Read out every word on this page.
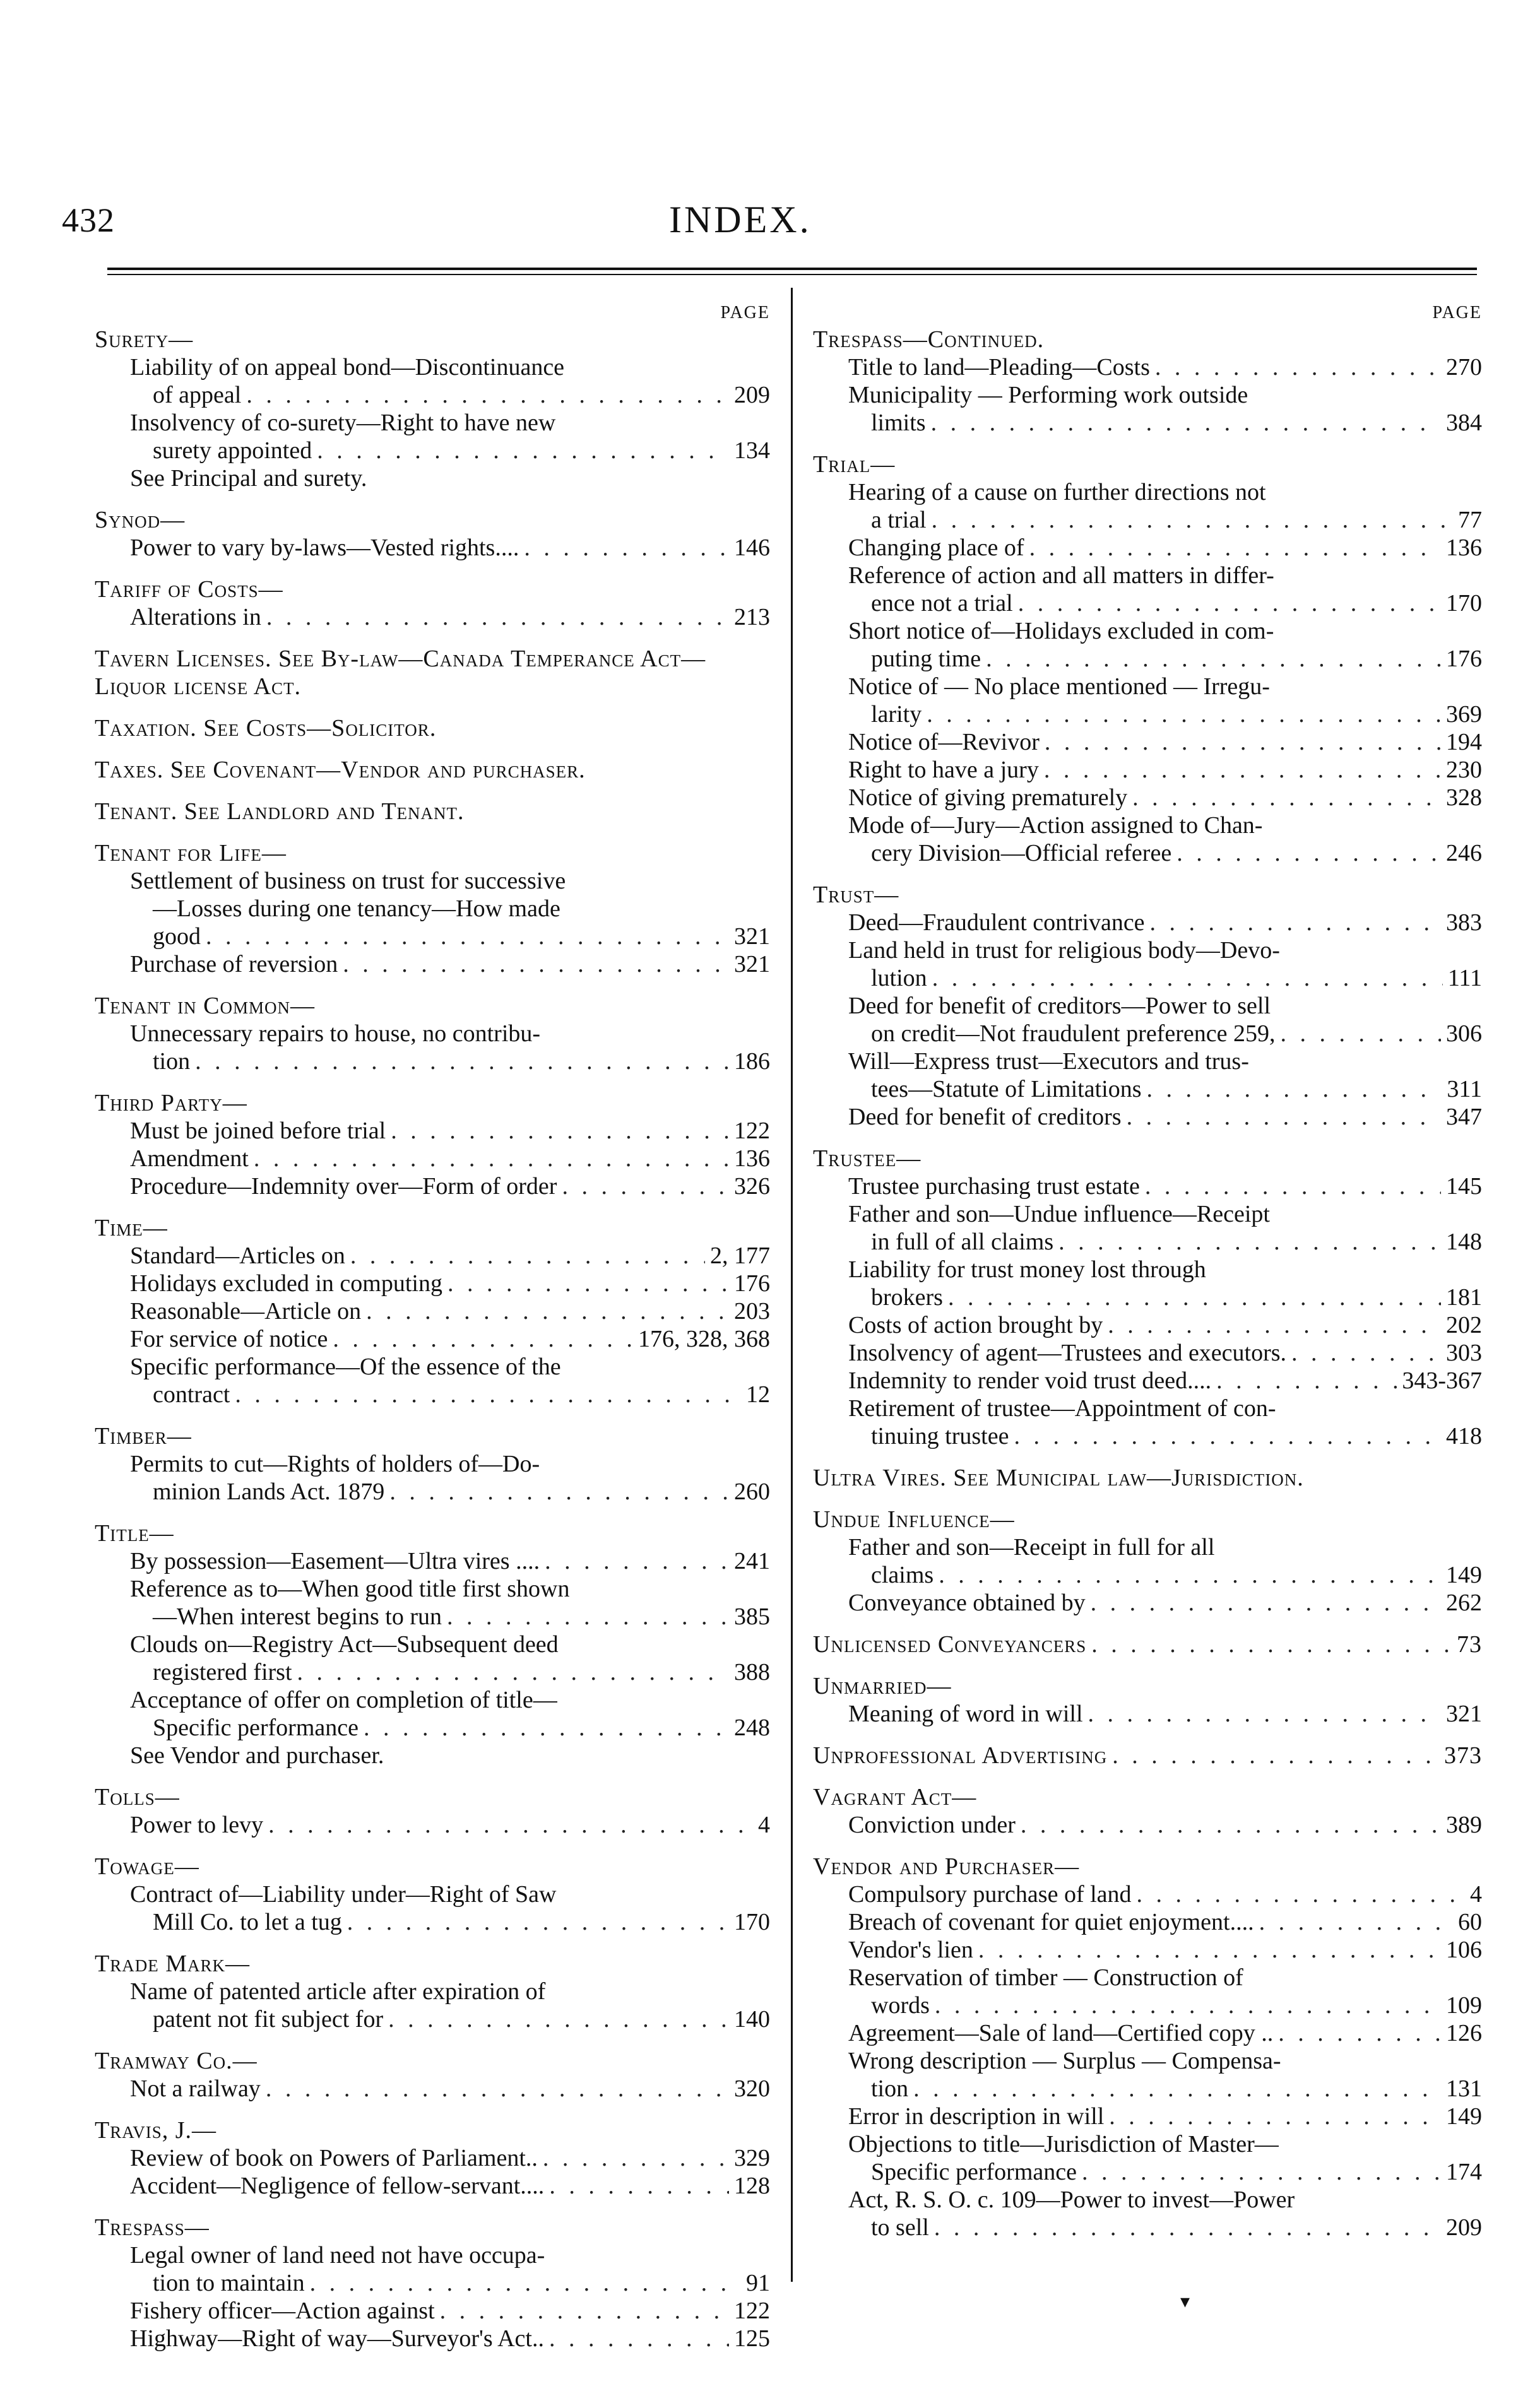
432	INDEX.
PAGE
Surety—
Liability of on appeal bond—Discontinuance
of appeal . . .	209
Insolvency of co-surety—Right to have new
surety appointed . . .	134
See Principal and surety.
Synod—
Power to vary by-laws—Vested rights.... . . .	146
Tariff of Costs—
Alterations in . . .	213
Tavern Licenses. See By-law—Canada Temperance Act—Liquor license Act.
Taxation. See Costs—Solicitor.
Taxes. See Covenant—Vendor and purchaser.
Tenant. See Landlord and Tenant.
Tenant for Life—
Settlement of business on trust for successive
—Losses during one tenancy—How made
good . . .	321
Purchase of reversion . . .	321
Tenant in Common—
Unnecessary repairs to house, no contribu-
tion . . .	186
Third Party—
Must be joined before trial . . .	122
Amendment . . .	136
Procedure—Indemnity over—Form of order . . .	326
Time—
Standard—Articles on . . .	2, 177
Holidays excluded in computing . . .	176
Reasonable—Article on . . .	203
For service of notice . . .	176, 328, 368
Specific performance—Of the essence of the
contract . . .	12
Timber—
Permits to cut—Rights of holders of—Do-
minion Lands Act. 1879 . . .	260
Title—
By possession—Easement—Ultra vires .... . . .	241
Reference as to—When good title first shown
—When interest begins to run . . .	385
Clouds on—Registry Act—Subsequent deed
registered first . . .	388
Acceptance of offer on completion of title—
Specific performance . . .	248
See Vendor and purchaser.
Tolls—
Power to levy . . .	4
Towage—
Contract of—Liability under—Right of Saw
Mill Co. to let a tug . . .	170
Trade Mark—
Name of patented article after expiration of
patent not fit subject for . . .	140
Tramway Co.—
Not a railway . . .	320
Travis, J.—
Review of book on Powers of Parliament.. . . .	329
Accident—Negligence of fellow-servant.... . . .	128
Trespass—
Legal owner of land need not have occupa-
tion to maintain . . .	91
Fishery officer—Action against . . .	122
Highway—Right of way—Surveyor's Act.. . . .	125
PAGE
Trespass—Continued.
Title to land—Pleading—Costs . . .	270
Municipality — Performing work outside
limits . . .	384
Trial—
Hearing of a cause on further directions not
a trial . . .	77
Changing place of . . .	136
Reference of action and all matters in differ-
ence not a trial . . .	170
Short notice of—Holidays excluded in com-
puting time . . .	176
Notice of — No place mentioned — Irregu-
larity . . .	369
Notice of—Revivor . . .	194
Right to have a jury . . .	230
Notice of giving prematurely . . .	328
Mode of—Jury—Action assigned to Chan-
cery Division—Official referee . . .	246
Trust—
Deed—Fraudulent contrivance . . .	383
Land held in trust for religious body—Devo-
lution . . .	111
Deed for benefit of creditors—Power to sell
on credit—Not fraudulent preference 259, . . .	306
Will—Express trust—Executors and trus-
tees—Statute of Limitations . . .	311
Deed for benefit of creditors . . .	347
Trustee—
Trustee purchasing trust estate . . .	145
Father and son—Undue influence—Receipt
in full of all claims . . .	148
Liability for trust money lost through
brokers . . .	181
Costs of action brought by . . .	202
Insolvency of agent—Trustees and executors. . . .	303
Indemnity to render void trust deed.... . . .	343-367
Retirement of trustee—Appointment of con-
tinuing trustee . . .	418
Ultra Vires. See Municipal law—Jurisdiction.
Undue Influence—
Father and son—Receipt in full for all
claims . . .	149
Conveyance obtained by . . .	262
Unlicensed Conveyancers . . .	73
Unmarried—
Meaning of word in will . . .	321
Unprofessional Advertising . . .	373
Vagrant Act—
Conviction under . . .	389
Vendor and Purchaser—
Compulsory purchase of land . . .	4
Breach of covenant for quiet enjoyment.... . . .	60
Vendor's lien . . .	106
Reservation of timber — Construction of
words . . .	109
Agreement—Sale of land—Certified copy .. . . .	126
Wrong description — Surplus — Compensa-
tion . . .	131
Error in description in will . . .	149
Objections to title—Jurisdiction of Master—
Specific performance . . .	174
Act, R. S. O. c. 109—Power to invest—Power
to sell . . .	209
▾
